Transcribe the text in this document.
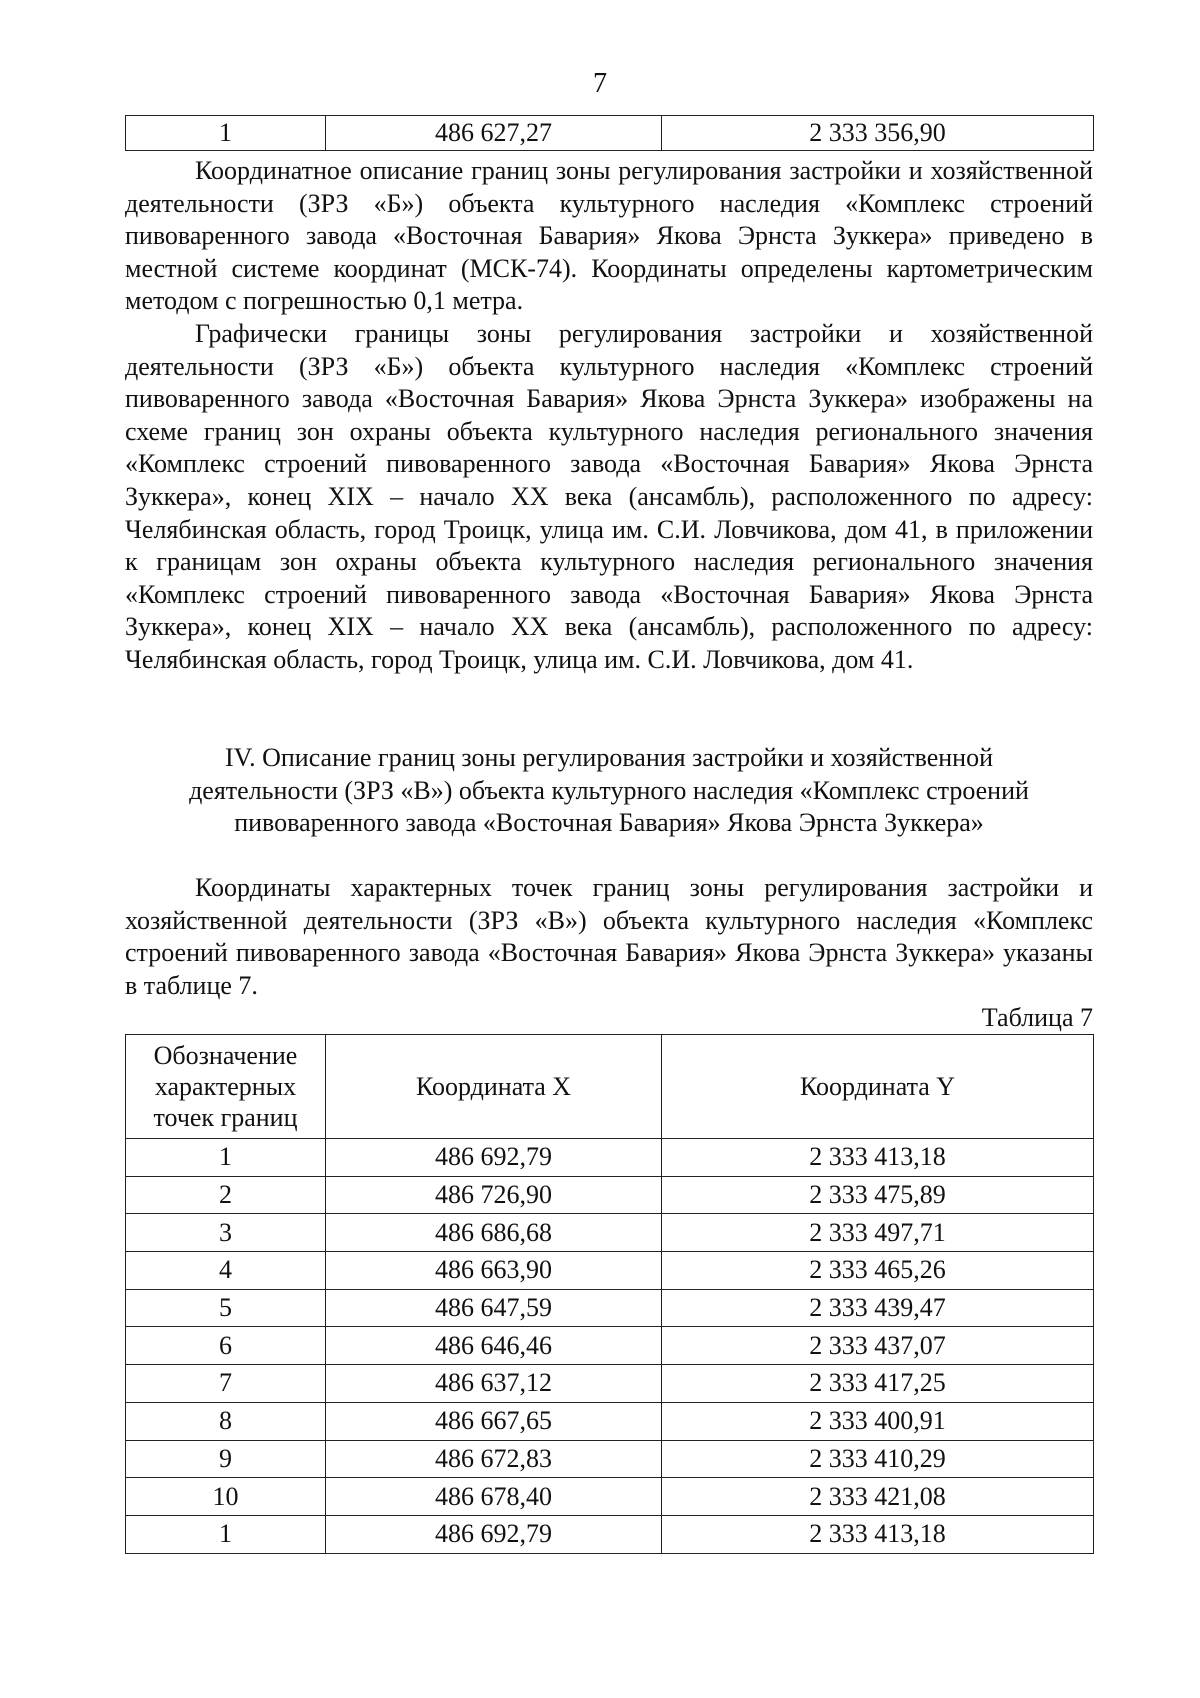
7
1	486 627,27	2 333 356,90

Координатное описание границ зоны регулирования застройки и хозяйственной деятельности (ЗРЗ «Б») объекта культурного наследия «Комплекс строений пивоваренного завода «Восточная Бавария» Якова Эрнста Зуккера» приведено в местной системе координат (МСК-74). Координаты определены картометрическим методом с погрешностью 0,1 метра.

Графически границы зоны регулирования застройки и хозяйственной деятельности (ЗРЗ «Б») объекта культурного наследия «Комплекс строений пивоваренного завода «Восточная Бавария» Якова Эрнста Зуккера» изображены на схеме границ зон охраны объекта культурного наследия регионального значения «Комплекс строений пивоваренного завода «Восточная Бавария» Якова Эрнста Зуккера», конец XIX – начало XX века (ансамбль), расположенного по адресу: Челябинская область, город Троицк, улица им. С.И. Ловчикова, дом 41, в приложении к границам зон охраны объекта культурного наследия регионального значения «Комплекс строений пивоваренного завода «Восточная Бавария» Якова Эрнста Зуккера», конец XIX – начало XX века (ансамбль), расположенного по адресу: Челябинская область, город Троицк, улица им. С.И. Ловчикова, дом 41.

IV. Описание границ зоны регулирования застройки и хозяйственной
деятельности (ЗРЗ «В») объекта культурного наследия «Комплекс строений
пивоваренного завода «Восточная Бавария» Якова Эрнста Зуккера»

Координаты характерных точек границ зоны регулирования застройки и хозяйственной деятельности (ЗРЗ «В») объекта культурного наследия «Комплекс строений пивоваренного завода «Восточная Бавария» Якова Эрнста Зуккера» указаны в таблице 7.

Таблица 7
Обозначение
характерных
точек границ	Координата X	Координата Y
1	486 692,79	2 333 413,18
2	486 726,90	2 333 475,89
3	486 686,68	2 333 497,71
4	486 663,90	2 333 465,26
5	486 647,59	2 333 439,47
6	486 646,46	2 333 437,07
7	486 637,12	2 333 417,25
8	486 667,65	2 333 400,91
9	486 672,83	2 333 410,29
10	486 678,40	2 333 421,08
1	486 692,79	2 333 413,18
